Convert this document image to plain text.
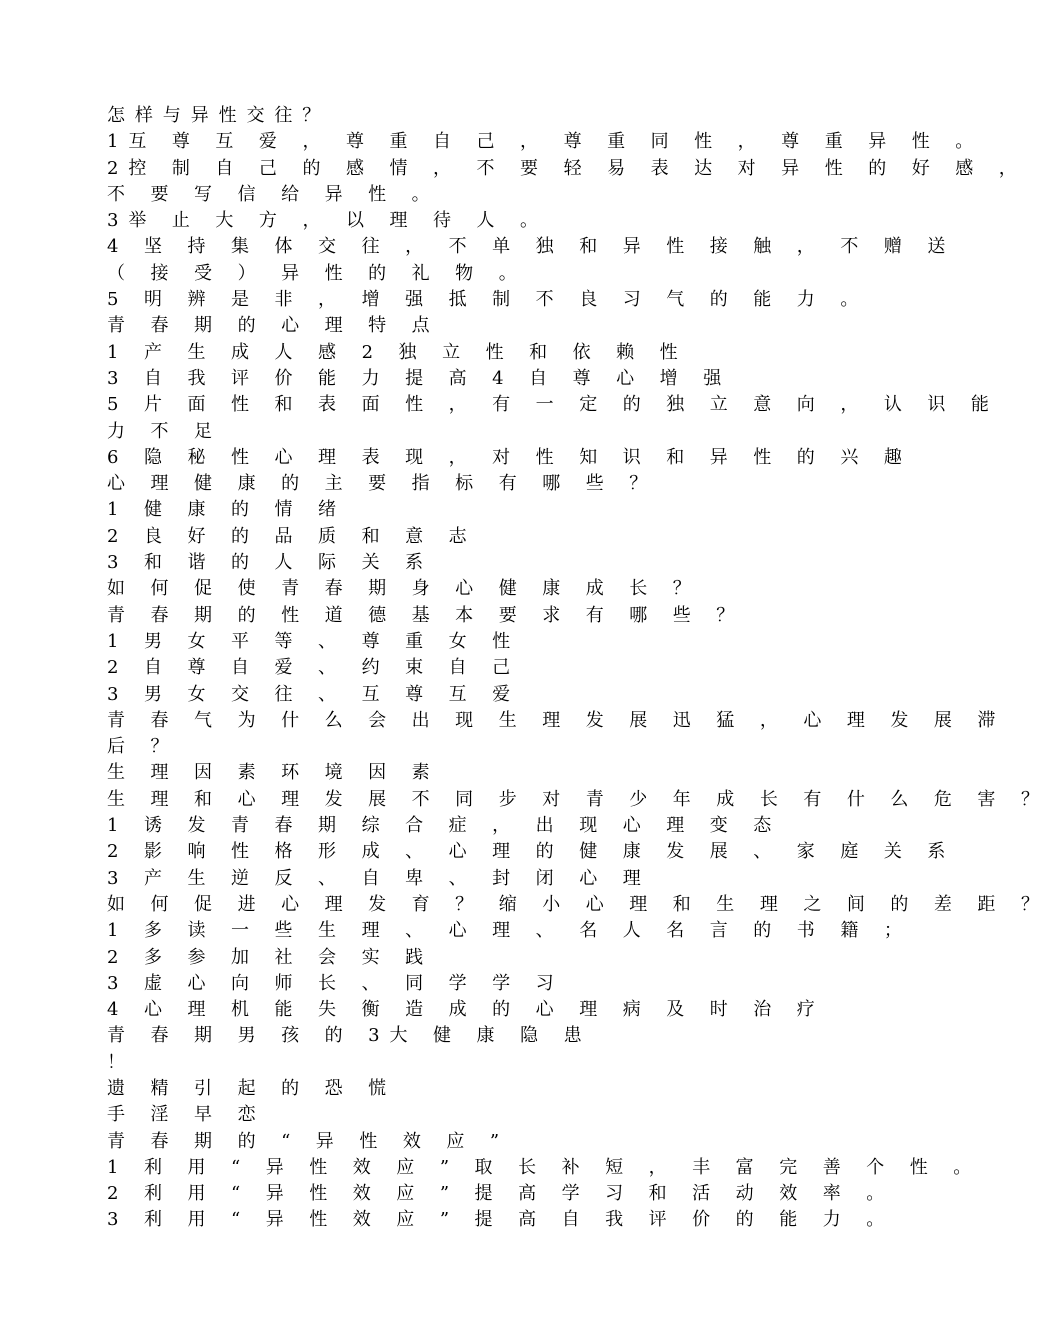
怎样与异性交往？
1互 尊 互 爱 ， 尊 重 自 己 ， 尊 重 同 性 ， 尊 重 异 性 。
2控 制 自 己 的 感 情 ， 不 要 轻 易 表 达 对 异 性 的 好 感 ，
不 要 写 信 给 异 性 。
3举 止 大 方 ， 以 理 待 人 。
4 坚 持 集 体 交 往 ， 不 单 独 和 异 性 接 触 ， 不 赠 送
（ 接 受 ） 异 性 的 礼 物 。
5 明 辨 是 非 ， 增 强 抵 制 不 良 习 气 的 能 力 。
青 春 期 的 心 理 特 点
1 产 生 成 人 感 2 独 立 性 和 依 赖 性
3 自 我 评 价 能 力 提 高 4 自 尊 心 增 强
5 片 面 性 和 表 面 性 ， 有 一 定 的 独 立 意 向 ， 认 识 能
力 不 足
6 隐 秘 性 心 理 表 现 ， 对 性 知 识 和 异 性 的 兴 趣
心 理 健 康 的 主 要 指 标 有 哪 些 ？
1 健 康 的 情 绪
2 良 好 的 品 质 和 意 志
3 和 谐 的 人 际 关 系
如 何 促 使 青 春 期 身 心 健 康 成 长 ？
青 春 期 的 性 道 德 基 本 要 求 有 哪 些 ？
1 男 女 平 等 、 尊 重 女 性
2 自 尊 自 爱 、 约 束 自 己
3 男 女 交 往 、 互 尊 互 爱
青 春 气 为 什 么 会 出 现 生 理 发 展 迅 猛 ， 心 理 发 展 滞
后 ？
生 理 因 素 环 境 因 素
生 理 和 心 理 发 展 不 同 步 对 青 少 年 成 长 有 什 么 危 害 ？
1 诱 发 青 春 期 综 合 症 ， 出 现 心 理 变 态
2 影 响 性 格 形 成 、 心 理 的 健 康 发 展 、 家 庭 关 系
3 产 生 逆 反 、 自 卑 、 封 闭 心 理
如 何 促 进 心 理 发 育 ？ 缩 小 心 理 和 生 理 之 间 的 差 距 ？
1 多 读 一 些 生 理 、 心 理 、 名 人 名 言 的 书 籍 ；
2 多 参 加 社 会 实 践
3 虚 心 向 师 长 、 同 学 学 习
4 心 理 机 能 失 衡 造 成 的 心 理 病 及 时 治 疗
青 春 期 男 孩 的 3大 健 康 隐 患
！
遗 精 引 起 的 恐 慌
手 淫 早 恋
青 春 期 的 “ 异 性 效 应 ”
1 利 用 “ 异 性 效 应 ” 取 长 补 短 ， 丰 富 完 善 个 性 。
2 利 用 “ 异 性 效 应 ” 提 高 学 习 和 活 动 效 率 。
3 利 用 “ 异 性 效 应 ” 提 高 自 我 评 价 的 能 力 。
